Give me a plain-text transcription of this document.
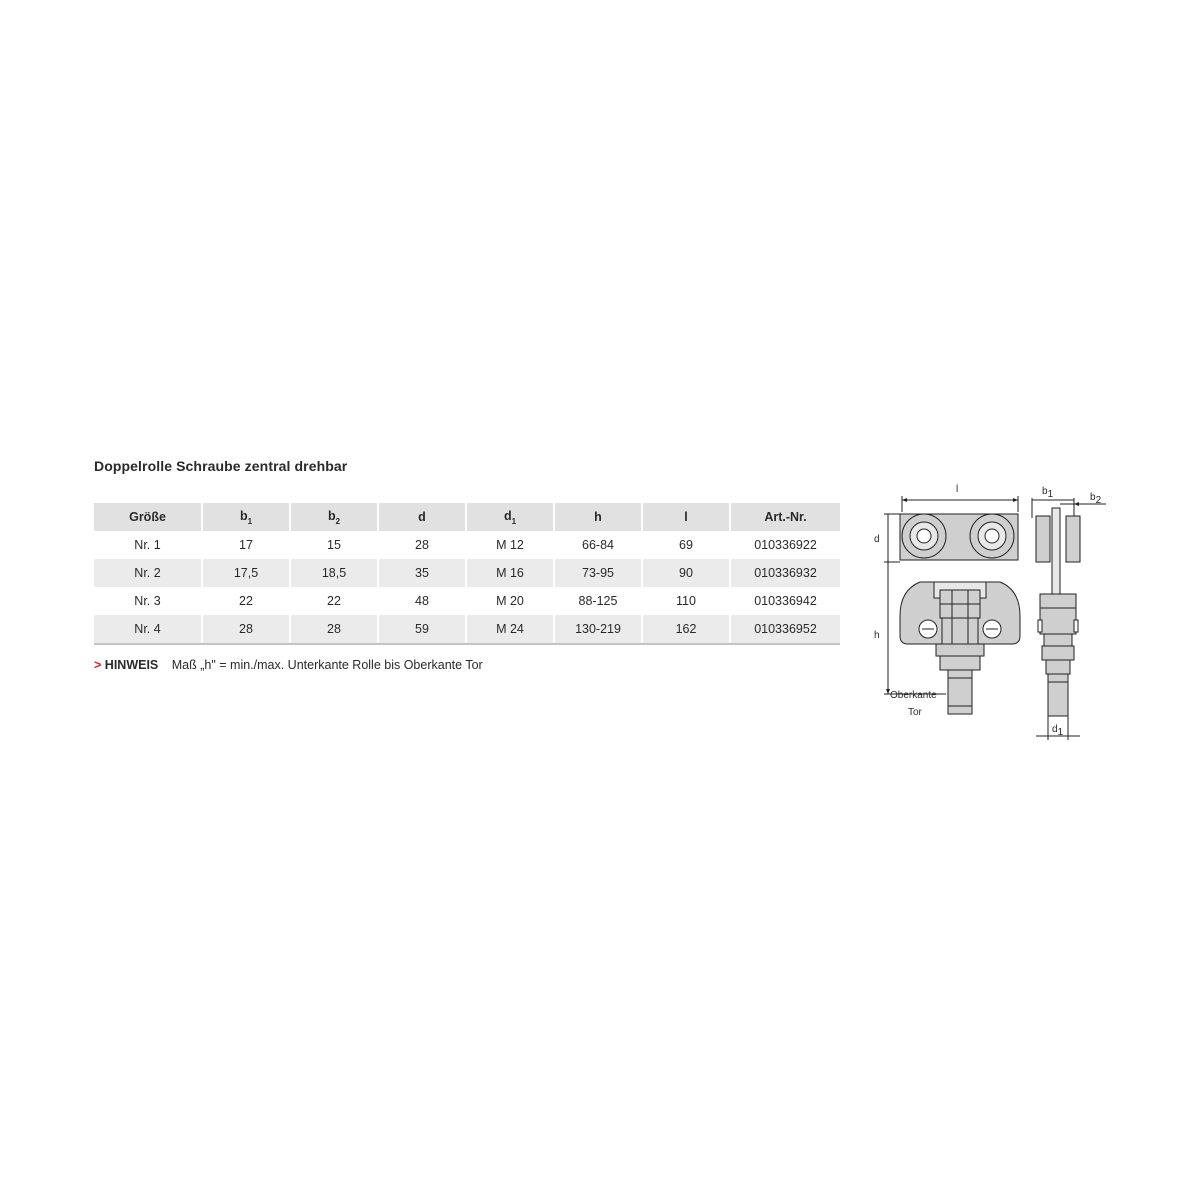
Doppelrolle Schraube zentral drehbar
Größe	$b_1$	$b_2$	d	$d_1$	h	l	Art.-Nr.
Nr. 1	17	15	28	M 12	66-84	69	010336922
Nr. 2	17,5	18,5	35	M 16	73-95	90	010336932
Nr. 3	22	22	48	M 20	88-125	110	010336942
Nr. 4	28	28	59	M 24	130-219	162	010336952
> HINWEIS Maß „h" = min./max. Unterkante Rolle bis Oberkante Tor
l
d
h
Oberkante
Tor
b1	b2
d1
